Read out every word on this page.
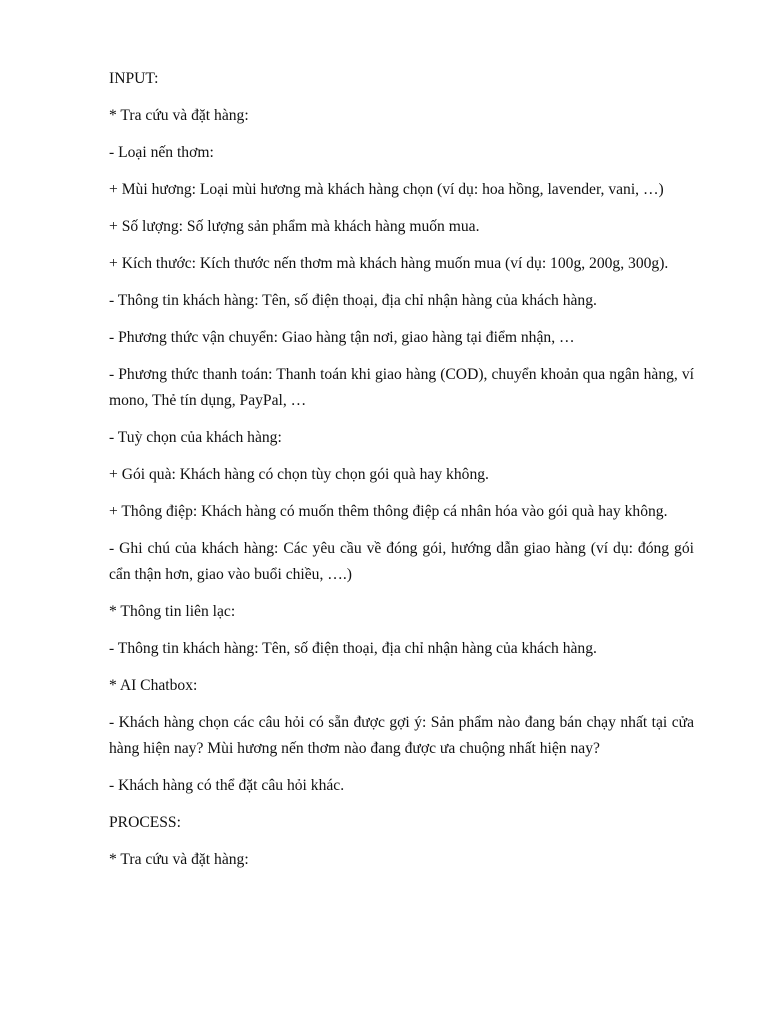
INPUT:

* Tra cứu và đặt hàng:

- Loại nến thơm:

+ Mùi hương: Loại mùi hương mà khách hàng chọn (ví dụ: hoa hồng, lavender, vani, …)

+ Số lượng: Số lượng sản phẩm mà khách hàng muốn mua.

+ Kích thước: Kích thước nến thơm mà khách hàng muốn mua (ví dụ: 100g, 200g, 300g).

- Thông tin khách hàng: Tên, số điện thoại, địa chỉ nhận hàng của khách hàng.

- Phương thức vận chuyển: Giao hàng tận nơi, giao hàng tại điểm nhận, …

- Phương thức thanh toán: Thanh toán khi giao hàng (COD), chuyển khoản qua ngân hàng, ví mono, Thẻ tín dụng, PayPal, …

- Tuỳ chọn của khách hàng:

+ Gói quà: Khách hàng có chọn tùy chọn gói quà hay không.

+ Thông điệp: Khách hàng có muốn thêm thông điệp cá nhân hóa vào gói quà hay không.

- Ghi chú của khách hàng: Các yêu cầu về đóng gói, hướng dẫn giao hàng (ví dụ: đóng gói cẩn thận hơn, giao vào buổi chiều, ….)

* Thông tin liên lạc:

- Thông tin khách hàng: Tên, số điện thoại, địa chỉ nhận hàng của khách hàng.

* AI Chatbox:

- Khách hàng chọn các câu hỏi có sẵn được gợi ý: Sản phẩm nào đang bán chạy nhất tại cửa hàng hiện nay? Mùi hương nến thơm nào đang được ưa chuộng nhất hiện nay?

- Khách hàng có thể đặt câu hỏi khác.

PROCESS:

* Tra cứu và đặt hàng:
